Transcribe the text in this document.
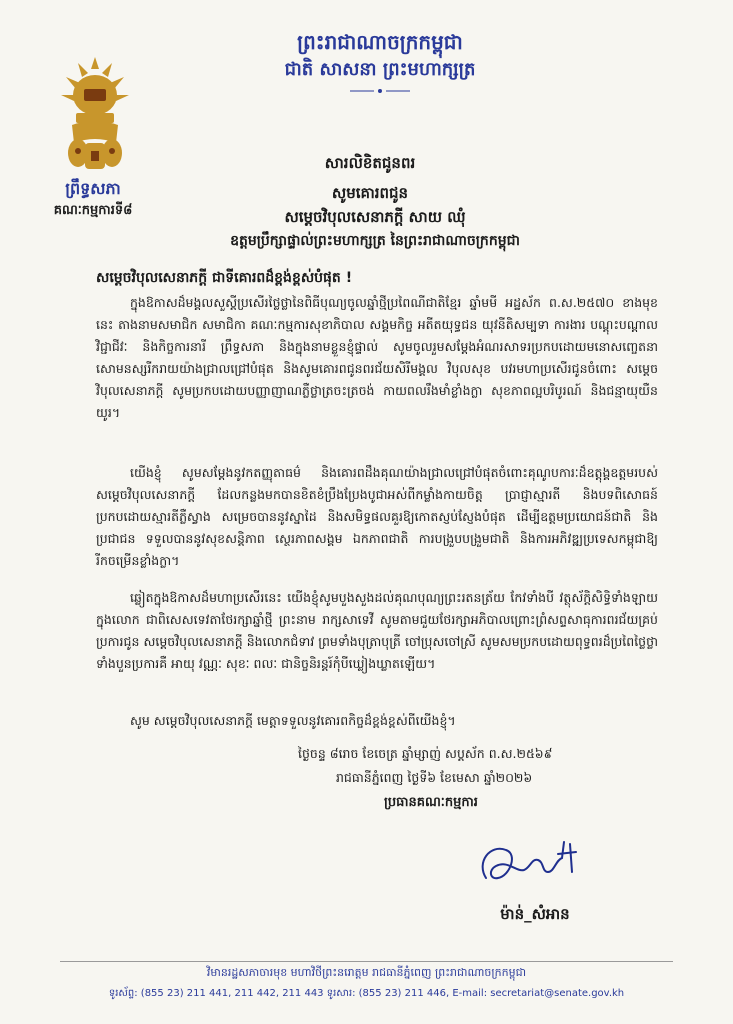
ព្រះរាជាណាចក្រកម្ពុជា
ជាតិ សាសនា ព្រះមហាក្សត្រ
ព្រឹទ្ធសភា
គណៈកម្មការទី៨
សារលិខិតជូនពរ
សូមគោរពជូន
សម្ដេចវិបុលសេនាភក្ដី សាយ ឈុំ
ឧត្តមប្រឹក្សាផ្ទាល់ព្រះមហាក្សត្រ នៃព្រះរាជាណាចក្រកម្ពុជា
សម្ដេចវិបុលសេនាភក្ដី ជាទីគោរពដ៏ខ្ពង់ខ្ពស់បំផុត !

ក្នុងឱកាសដ៏មង្គលសួស្ដីប្រសើរថ្លៃថ្លានៃពិធីបុណ្យចូលឆ្នាំថ្មីប្រពៃណីជាតិខ្មែរ ឆ្នាំមមី អដ្ឋស័ក ព.ស.២៥៧០ ខាងមុខនេះ តាងនាមសមាជិក សមាជិកា គណៈកម្មការសុខាភិបាល សង្គមកិច្ច អតីតយុទ្ធជន យុវនីតិសម្បទា ការងារ បណ្ដុះបណ្ដាលវិជ្ជាជីវៈ និងកិច្ចការនារី ព្រឹទ្ធសភា និងក្នុងនាមខ្លួនខ្ញុំផ្ទាល់ សូមចូលរួមសម្ដែងអំណរសាទរប្រកបដោយមនោសញ្ចេតនាសោមនស្សរីករាយយ៉ាងជ្រាលជ្រៅបំផុត និងសូមគោរពជូនពរជ័យសិរីមង្គល វិបុលសុខ បវរមហាប្រសើរជូនចំពោះ សម្ដេចវិបុលសេនាភក្ដី សូមប្រកបដោយបញ្ញាញាណភ្លឺថ្លាត្រចះត្រចង់ កាយពលរឹងមាំខ្លាំងក្លា សុខភាពល្អបរិបូរណ៍ និងជន្មាយុយឺនយូរ។

យើងខ្ញុំ សូមសម្ដែងនូវកតញ្ញុតាធម៌ និងគោរពដឹងគុណយ៉ាងជ្រាលជ្រៅបំផុតចំពោះគុណូបការៈដ៏ឧត្ដុង្គឧត្ដមរបស់ សម្ដេចវិបុលសេនាភក្ដី ដែលកន្លងមកបានខិតខំប្រឹងប្រែងបូជាអស់ពីកម្លាំងកាយចិត្ត ប្រាជ្ញាស្មារតី និងបទពិសោធន៍ ប្រកបដោយស្មារតីភ្លឺស្វាង សម្រេចបាននូវស្នាដៃ និងសមិទ្ធផលគួរឱ្យកោតស្ញប់ស្ញែងបំផុត ដើម្បីឧត្តមប្រយោជន៍ជាតិ និងប្រជាជន ទទួលបាននូវសុខសន្តិភាព ស្ថេរភាពសង្គម ឯកភាពជាតិ ការបង្រួបបង្រួមជាតិ និងការអភិវឌ្ឍប្រទេសកម្ពុជាឱ្យរីកចម្រើនខ្លាំងក្លា។

ឆ្លៀតក្នុងឱកាសដ៏មហាប្រសើរនេះ យើងខ្ញុំសូមបួងសួងដល់គុណបុណ្យព្រះរតនត្រ័យ កែវទាំងបី វត្ថុស័ក្ដិសិទ្ធិទាំងឡាយក្នុងលោក ជាពិសេសទេវតាថែរក្សាឆ្នាំថ្មី ព្រះនាម រាក្សសាទេវី សូមតាមជួយថែរក្សាអភិបាលព្រោះព្រំសព្ទសាធុការពរជ័យគ្រប់ប្រការជូន សម្ដេចវិបុលសេនាភក្ដី និងលោកជំទាវ ព្រមទាំងបុត្រាបុត្រី ចៅប្រុសចៅស្រី សូមសមប្រកបដោយពុទ្ធពរដ៏ប្រពៃថ្លៃថ្លាទាំងបួនប្រការគឺ អាយុ វណ្ណៈ សុខៈ ពលៈ ជានិច្ចនិរន្តរ៍កុំបីឃ្លៀងឃ្លាតឡើយ។

សូម សម្ដេចវិបុលសេនាភក្ដី មេត្តាទទួលនូវគោរពកិច្ចដ៏ខ្ពង់ខ្ពស់ពីយើងខ្ញុំ។

ថ្ងៃចន្ទ ៨រោច ខែចេត្រ ឆ្នាំម្សាញ់ សប្តស័ក ព.ស.២៥៦៩
រាជធានីភ្នំពេញ ថ្ងៃទី៦ ខែមេសា ឆ្នាំ២០២៦
ប្រធានគណៈកម្មការ
ម៉ាន់_សំអាន
វិមានរដ្ឋសភាចារមុខ មហាវិថីព្រះនរោត្តម រាជធានីភ្នំពេញ ព្រះរាជាណាចក្រកម្ពុជា
ទូរស័ព្ទ: (855 23) 211 441, 211 442, 211 443 ទូរសារ: (855 23) 211 446, E-mail: secretariat@senate.gov.kh
